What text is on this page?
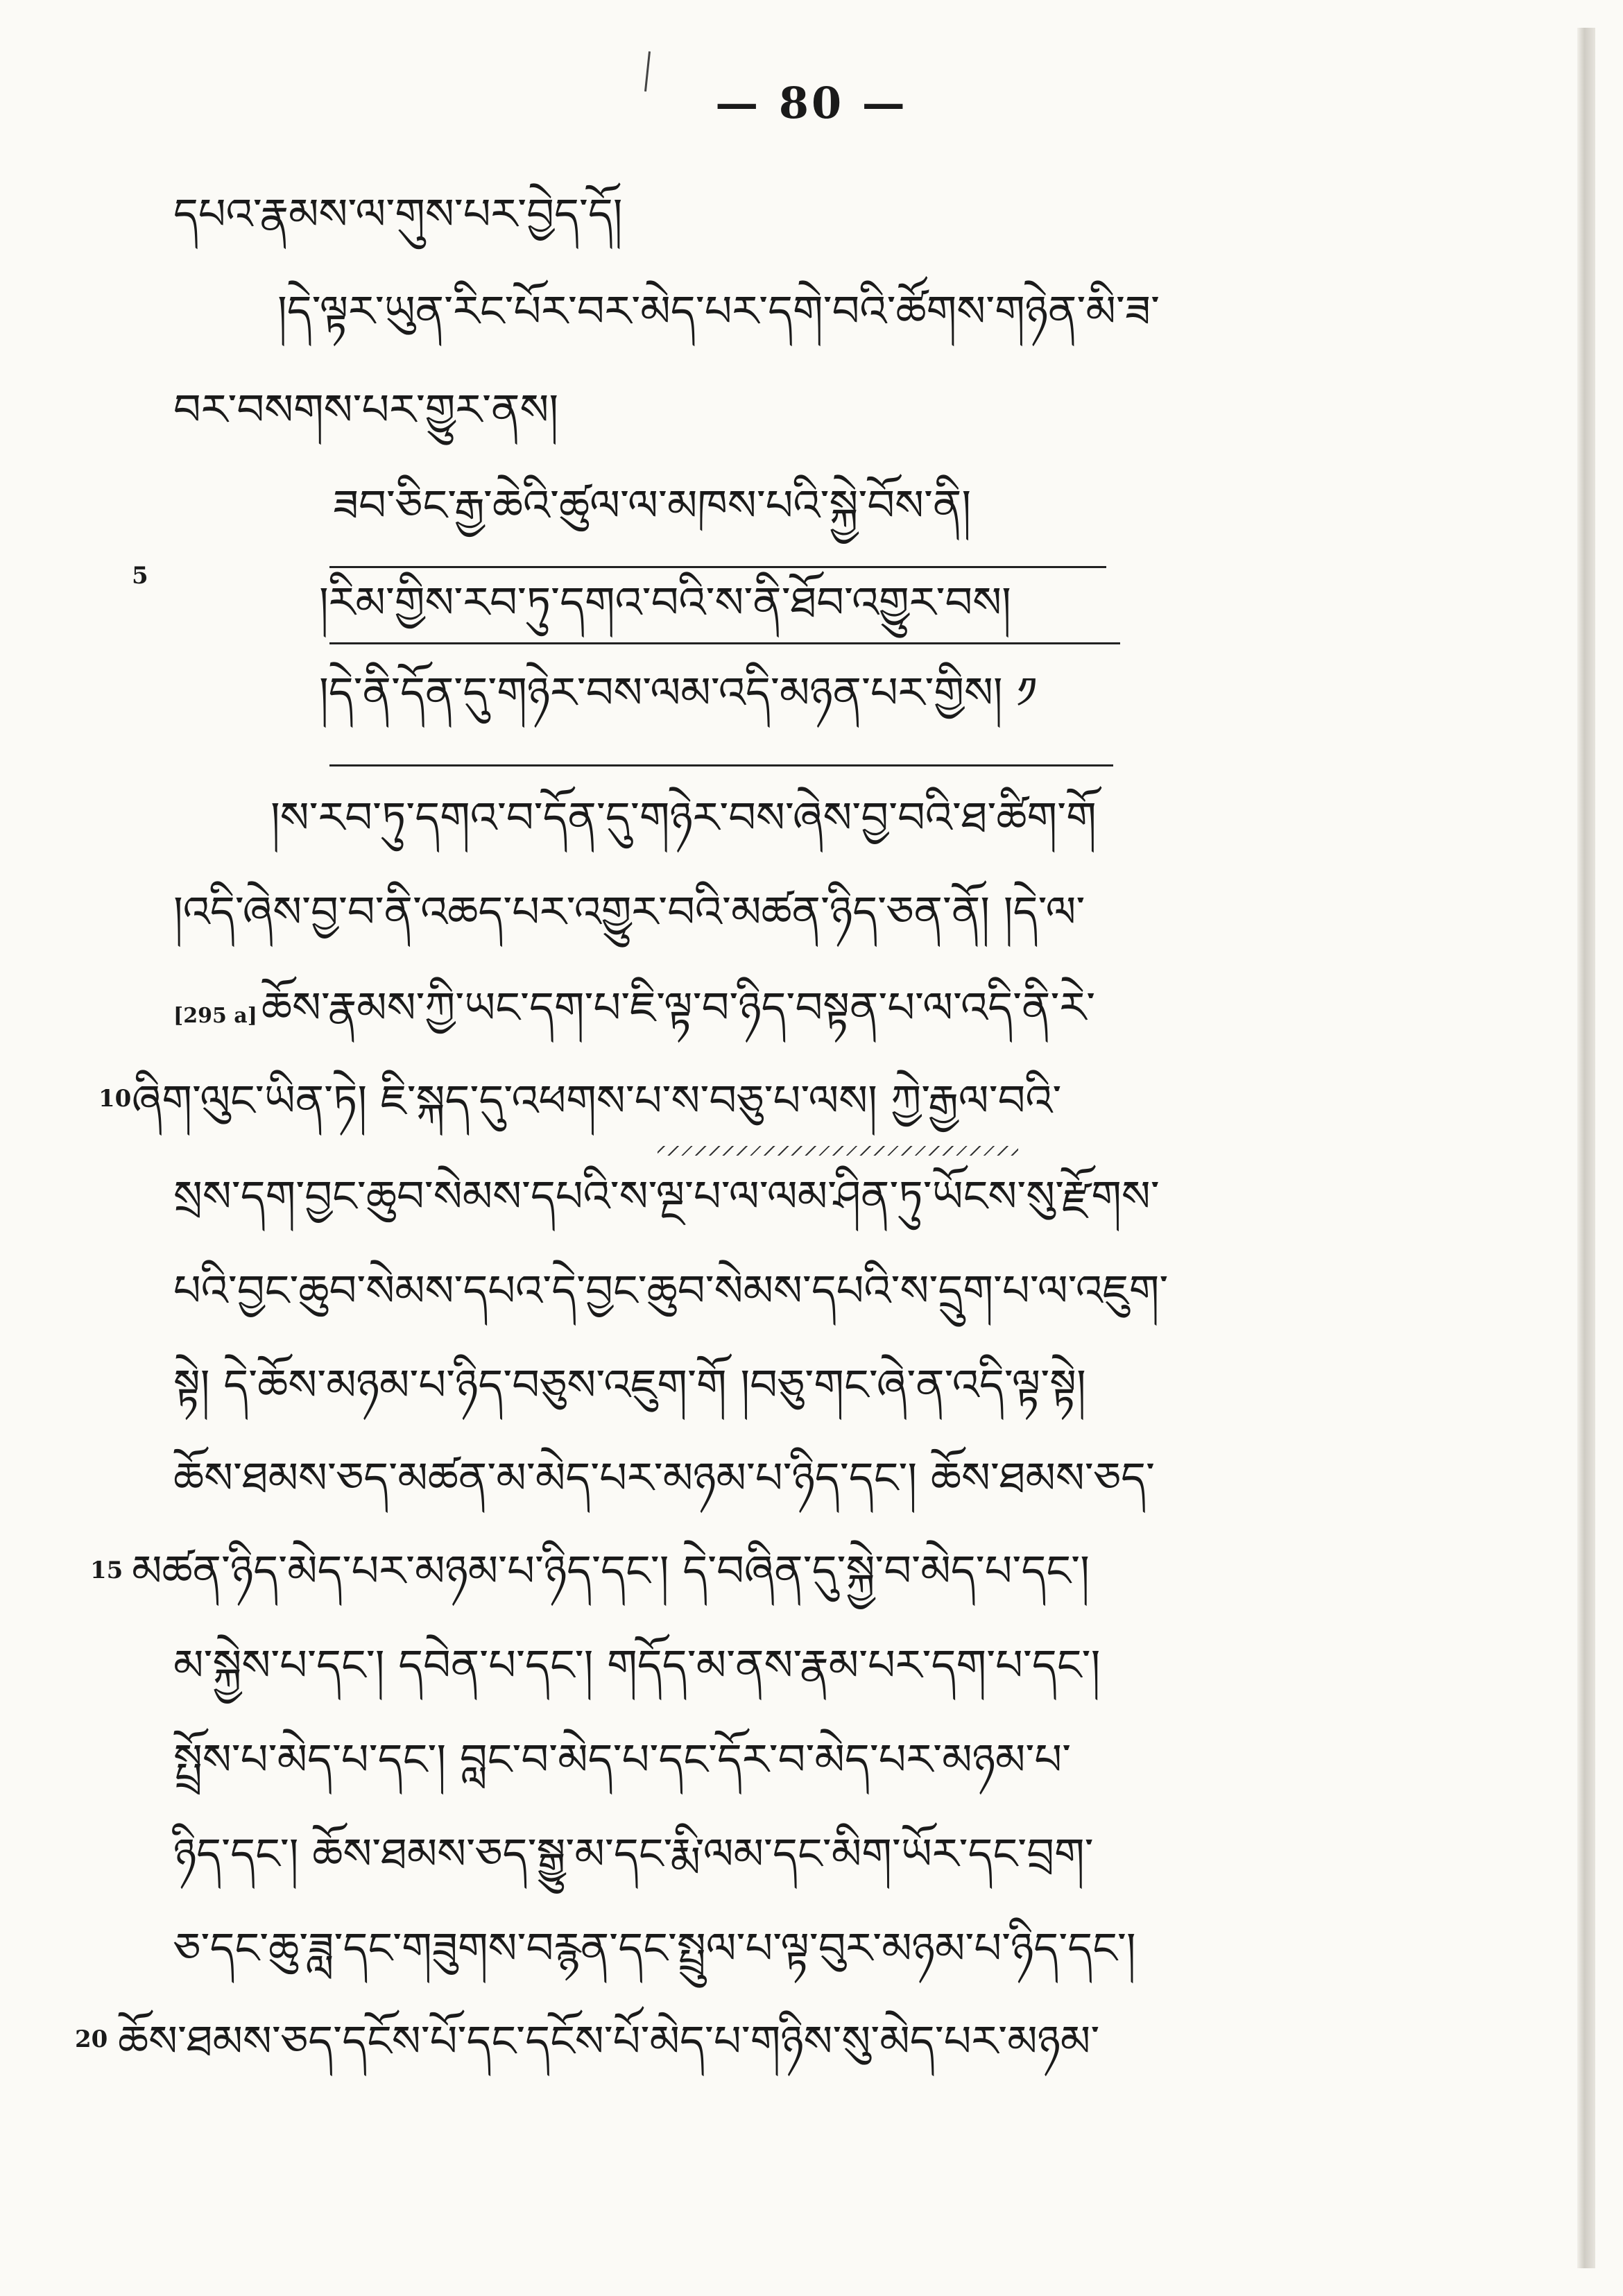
— 80 —
དཔའ་རྣམས་ལ་གུས་པར་བྱེད་དོ།
།དེ་ལྟར་ཡུན་རིང་པོར་བར་མེད་པར་དགེ་བའི་ཚོགས་གཉེན་མི་ཟ་
བར་བསགས་པར་གྱུར་ནས།
ཟབ་ཅིང་རྒྱ་ཆེའི་ཚུལ་ལ་མཁས་པའི་སྐྱེ་བོས་ནི།
5
།རིམ་གྱིས་རབ་ཏུ་དགའ་བའི་ས་ནི་ཐོབ་འགྱུར་བས།
།དེ་ནི་དོན་དུ་གཉེར་བས་ལམ་འདི་མཉན་པར་གྱིས། ༡
།ས་རབ་ཏུ་དགའ་བ་དོན་དུ་གཉེར་བས་ཞེས་བྱ་བའི་ཐ་ཚིག་གོ
།འདི་ཞེས་བྱ་བ་ནི་འཆད་པར་འགྱུར་བའི་མཚན་ཉིད་ཅན་ནོ། །དེ་ལ་
[295 a]ཆོས་རྣམས་ཀྱི་ཡང་དག་པ་ཇི་ལྟ་བ་ཉིད་བསྟན་པ་ལ་འདི་ནི་རེ་
10 ཞིག་ལུང་ཡིན་ཏེ། ཇི་སྐད་དུ་འཕགས་པ་ས་བཅུ་པ་ལས། ཀྱེ་རྒྱལ་བའི་
སྲས་དག་བྱང་ཆུབ་སེམས་དཔའི་ས་ལྔ་པ་ལ་ལམ་ཤིན་ཏུ་ཡོངས་སུ་རྫོགས་
པའི་བྱང་ཆུབ་སེམས་དཔའ་དེ་བྱང་ཆུབ་སེམས་དཔའི་ས་དྲུག་པ་ལ་འཇུག་
སྟེ། དེ་ཆོས་མཉམ་པ་ཉིད་བཅུས་འཇུག་གོ །བཅུ་གང་ཞེ་ན་འདི་ལྟ་སྟེ།
ཆོས་ཐམས་ཅད་མཚན་མ་མེད་པར་མཉམ་པ་ཉིད་དང་། ཆོས་ཐམས་ཅད་
15 མཚན་ཉིད་མེད་པར་མཉམ་པ་ཉིད་དང་། དེ་བཞིན་དུ་སྐྱེ་བ་མེད་པ་དང་།
མ་སྐྱེས་པ་དང་། དབེན་པ་དང་། གདོད་མ་ནས་རྣམ་པར་དག་པ་དང་།
སྤྲོས་པ་མེད་པ་དང་། བླང་བ་མེད་པ་དང་དོར་བ་མེད་པར་མཉམ་པ་
ཉིད་དང་། ཆོས་ཐམས་ཅད་སྒྱུ་མ་དང་རྨི་ལམ་དང་མིག་ཡོར་དང་བྲག་
ཅ་དང་ཆུ་ཟླ་དང་གཟུགས་བརྙན་དང་སྤྲུལ་པ་ལྟ་བུར་མཉམ་པ་ཉིད་དང་།
20 ཆོས་ཐམས་ཅད་དངོས་པོ་དང་དངོས་པོ་མེད་པ་གཉིས་སུ་མེད་པར་མཉམ་
